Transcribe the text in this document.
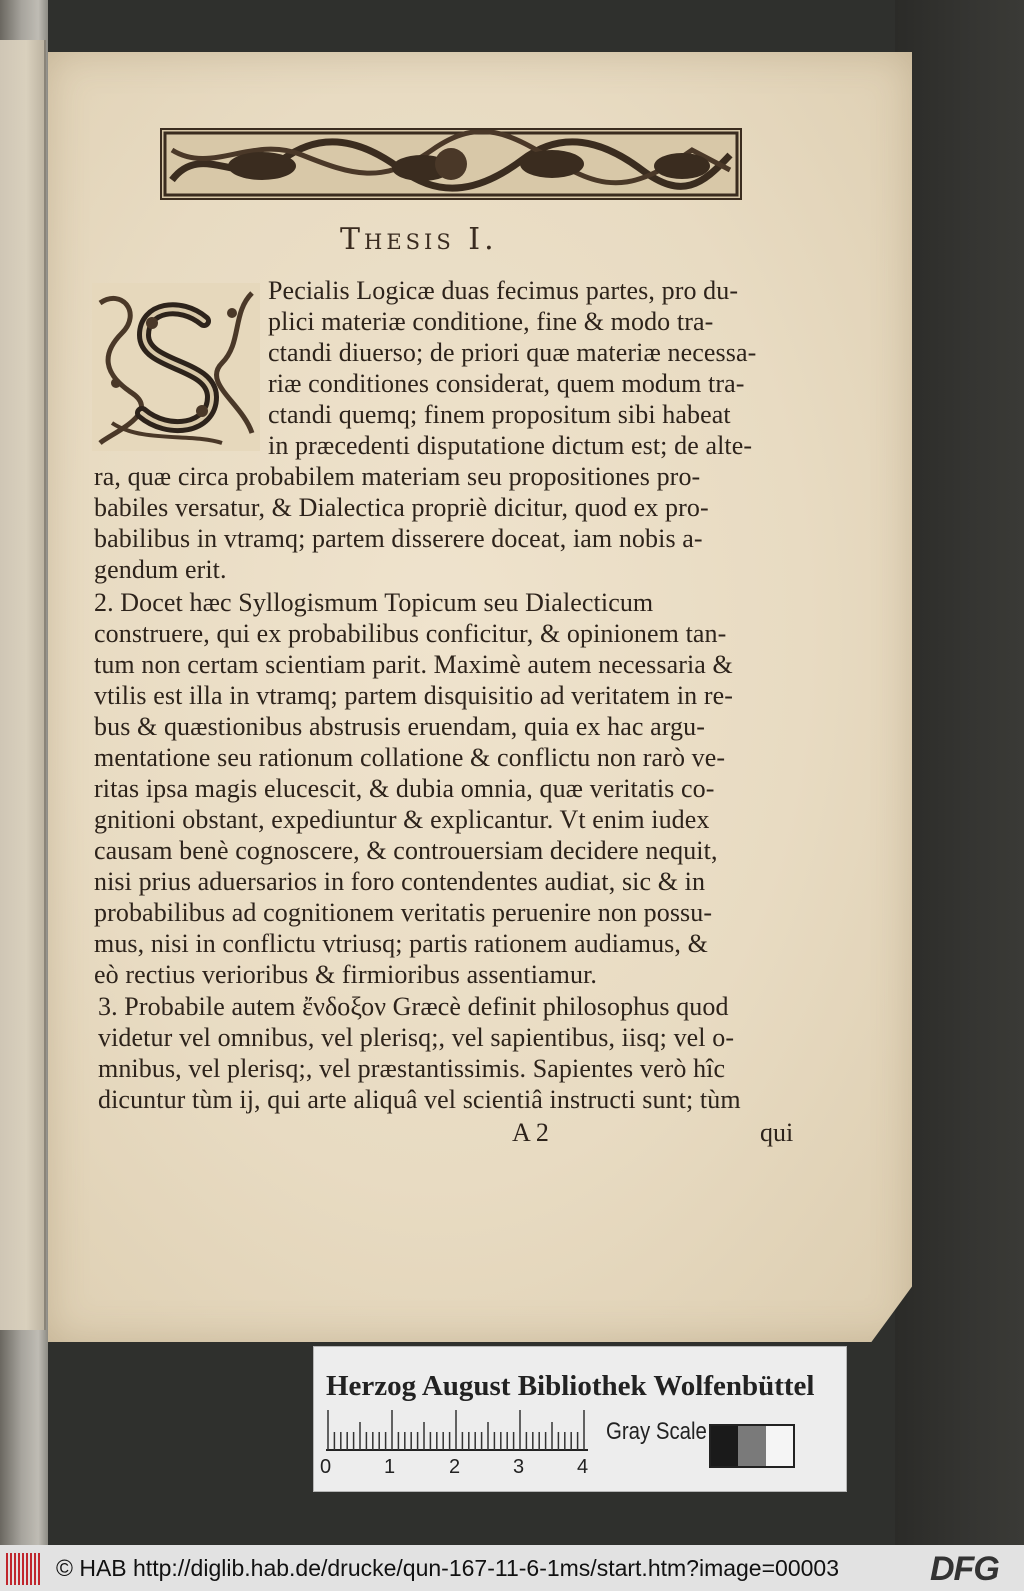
Thesis I.
Pecialis Logicæ duas fecimus partes, pro du-
plici materiæ conditione, fine & modo tra-
ctandi diuerso; de priori quæ materiæ necessa-
riæ conditiones considerat, quem modum tra-
ctandi quemq; finem propositum sibi habeat
in præcedenti disputatione dictum est; de alte-
ra, quæ circa probabilem materiam seu propositiones pro-
babiles versatur, & Dialectica propriè dicitur, quod ex pro-
babilibus in vtramq; partem disserere doceat, iam nobis a-
gendum erit.
2. Docet hæc Syllogismum Topicum seu Dialecticum
construere, qui ex probabilibus conficitur, & opinionem tan-
tum non certam scientiam parit. Maximè autem necessaria &
vtilis est illa in vtramq; partem disquisitio ad veritatem in re-
bus & quæstionibus abstrusis eruendam, quia ex hac argu-
mentatione seu rationum collatione & conflictu non rarò ve-
ritas ipsa magis elucescit, & dubia omnia, quæ veritatis co-
gnitioni obstant, expediuntur & explicantur. Vt enim iudex
causam benè cognoscere, & controuersiam decidere nequit,
nisi prius aduersarios in foro contendentes audiat, sic & in
probabilibus ad cognitionem veritatis peruenire non possu-
mus, nisi in conflictu vtriusq; partis rationem audiamus, &
eò rectius verioribus & firmioribus assentiamur.
3. Probabile autem ἔνδοξον Græcè definit philosophus quod
videtur vel omnibus, vel plerisq;, vel sapientibus, iisq; vel o-
mnibus, vel plerisq;, vel præstantissimis. Sapientes verò hîc
dicuntur tùm ij, qui arte aliquâ vel scientiâ instructi sunt; tùm
A 2	qui
Herzog August Bibliothek Wolfenbüttel
0	1	2	3	4
Gray Scale
© HAB http://diglib.hab.de/drucke/qun-167-11-6-1ms/start.htm?image=00003	DFG
